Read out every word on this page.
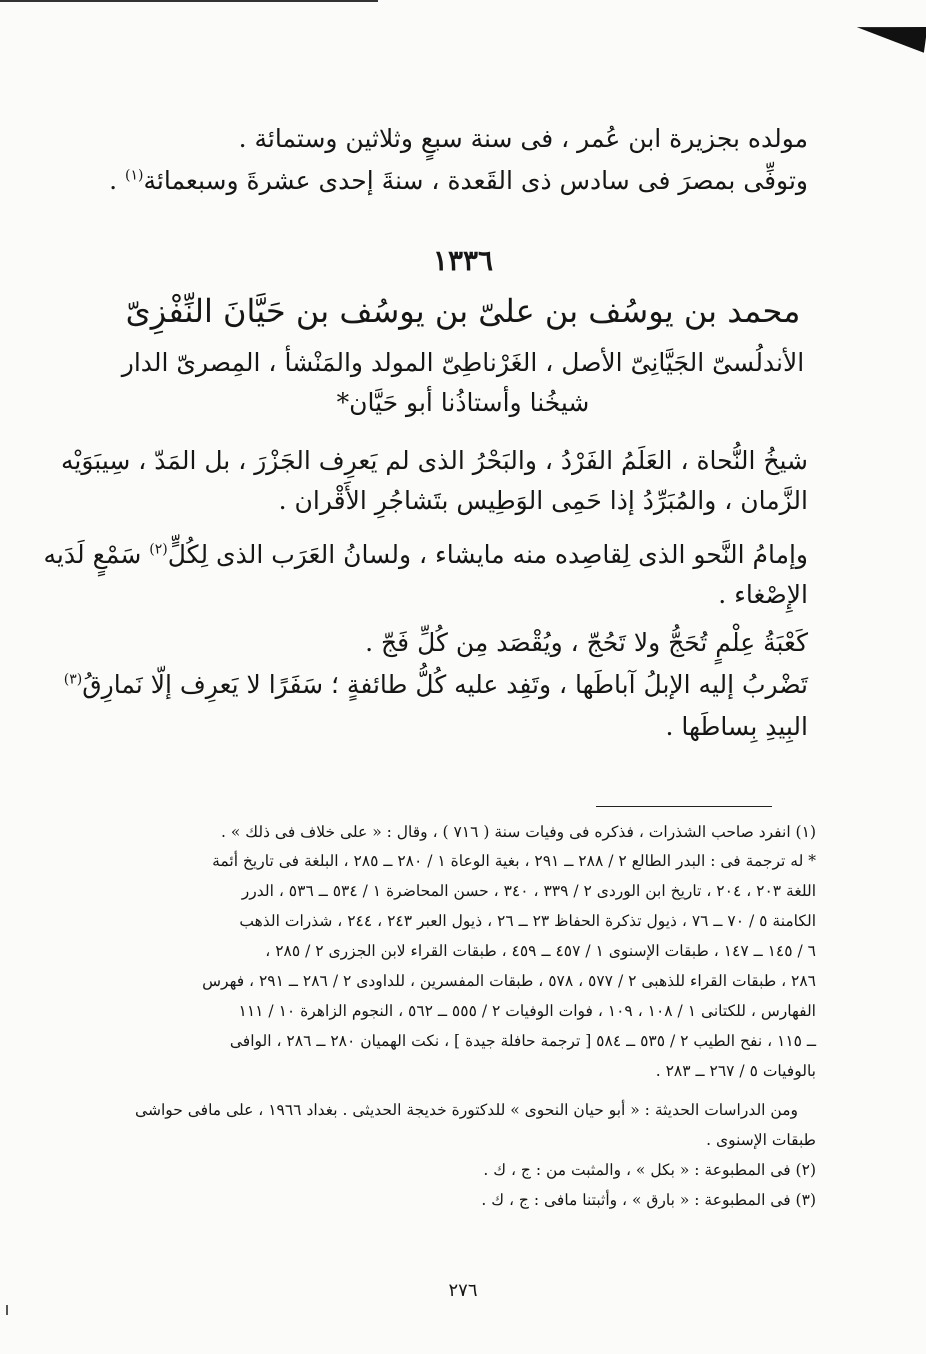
مولده بجزيرة ابن عُمر ، فى سنة سبعٍ وثلاثين وستمائة .
وتوفِّى بمصرَ فى سادس ذى القَعدة ، سنةَ إحدى عشرةَ وسبعمائة$^{(١)}$ .
١٣٣٦
محمد بن يوسُف بن علىّ بن يوسُف بن حَيَّانَ النِّفْزِىّ
الأندلُسىّ الجَيَّانِىّ الأصل ، الغَرْناطِىّ المولد والمَنْشأ ، المِصرىّ الدار
شيخُنا وأستاذُنا أبو حَيَّان*
شيخُ النُّحاة ، العَلَمُ الفَرْدُ ، والبَحْرُ الذى لم يَعرِف الجَزْرَ ، بل المَدّ ، سِيبَوَيْه
الزَّمان ، والمُبَرِّدُ إذا حَمِى الوَطِيس بتَشاجُرِ الأَقْران .
وإمامُ النَّحو الذى لِقاصِده منه مايشاء ، ولسانُ العَرَب الذى لِكُلٍّ$^{(٢)}$ سَمْعٍ لَدَيه
الإِصْغاء .
كَعْبَةُ عِلْمٍ تُحَجُّ ولا تَحُجّ ، ويُقْصَد مِن كُلِّ فَجّ .
تَضْربُ إليه الإبلُ آباطَها ، وتَفِد عليه كُلُّ طائفةٍ ؛ سَفَرًا لا يَعرِف إلّا نَمارِقُ$^{(٣)}$
البِيدِ بِساطَها .
(١) انفرد صاحب الشذرات ، فذكره فى وفيات سنة ( ٧١٦ ) ، وقال : « على خلاف فى ذلك » .
* له ترجمة فى : البدر الطالع ٢ / ٢٨٨ ــ ٢٩١ ، بغية الوعاة ١ / ٢٨٠ ــ ٢٨٥ ، البلغة فى تاريخ أئمة
اللغة ٢٠٣ ، ٢٠٤ ، تاريخ ابن الوردى ٢ / ٣٣٩ ، ٣٤٠ ، حسن المحاضرة ١ / ٥٣٤ ــ ٥٣٦ ، الدرر
الكامنة ٥ / ٧٠ ــ ٧٦ ، ذيول تذكرة الحفاظ ٢٣ ــ ٢٦ ، ذيول العبر ٢٤٣ ، ٢٤٤ ، شذرات الذهب
٦ / ١٤٥ ــ ١٤٧ ، طبقات الإسنوى ١ / ٤٥٧ ــ ٤٥٩ ، طبقات القراء لابن الجزرى ٢ / ٢٨٥ ،
٢٨٦ ، طبقات القراء للذهبى ٢ / ٥٧٧ ، ٥٧٨ ، طبقات المفسرين ، للداودى ٢ / ٢٨٦ ــ ٢٩١ ، فهرس
الفهارس ، للكتانى ١ / ١٠٨ ، ١٠٩ ، فوات الوفيات ٢ / ٥٥٥ ــ ٥٦٢ ، النجوم الزاهرة ١٠ / ١١١
ــ ١١٥ ، نفح الطيب ٢ / ٥٣٥ ــ ٥٨٤ [ ترجمة حافلة جيدة ] ، نكت الهميان ٢٨٠ ــ ٢٨٦ ، الوافى
بالوفيات ٥ / ٢٦٧ ــ ٢٨٣ .
ومن الدراسات الحديثة : « أبو حيان النحوى » للدكتورة خديجة الحديثى . بغداد ١٩٦٦ ، على مافى حواشى
طبقات الإسنوى .
(٢) فى المطبوعة : « بكل » ، والمثبت من : ج ، ك .
(٣) فى المطبوعة : « بارق » ، وأثبتنا مافى : ج ، ك .
٢٧٦
